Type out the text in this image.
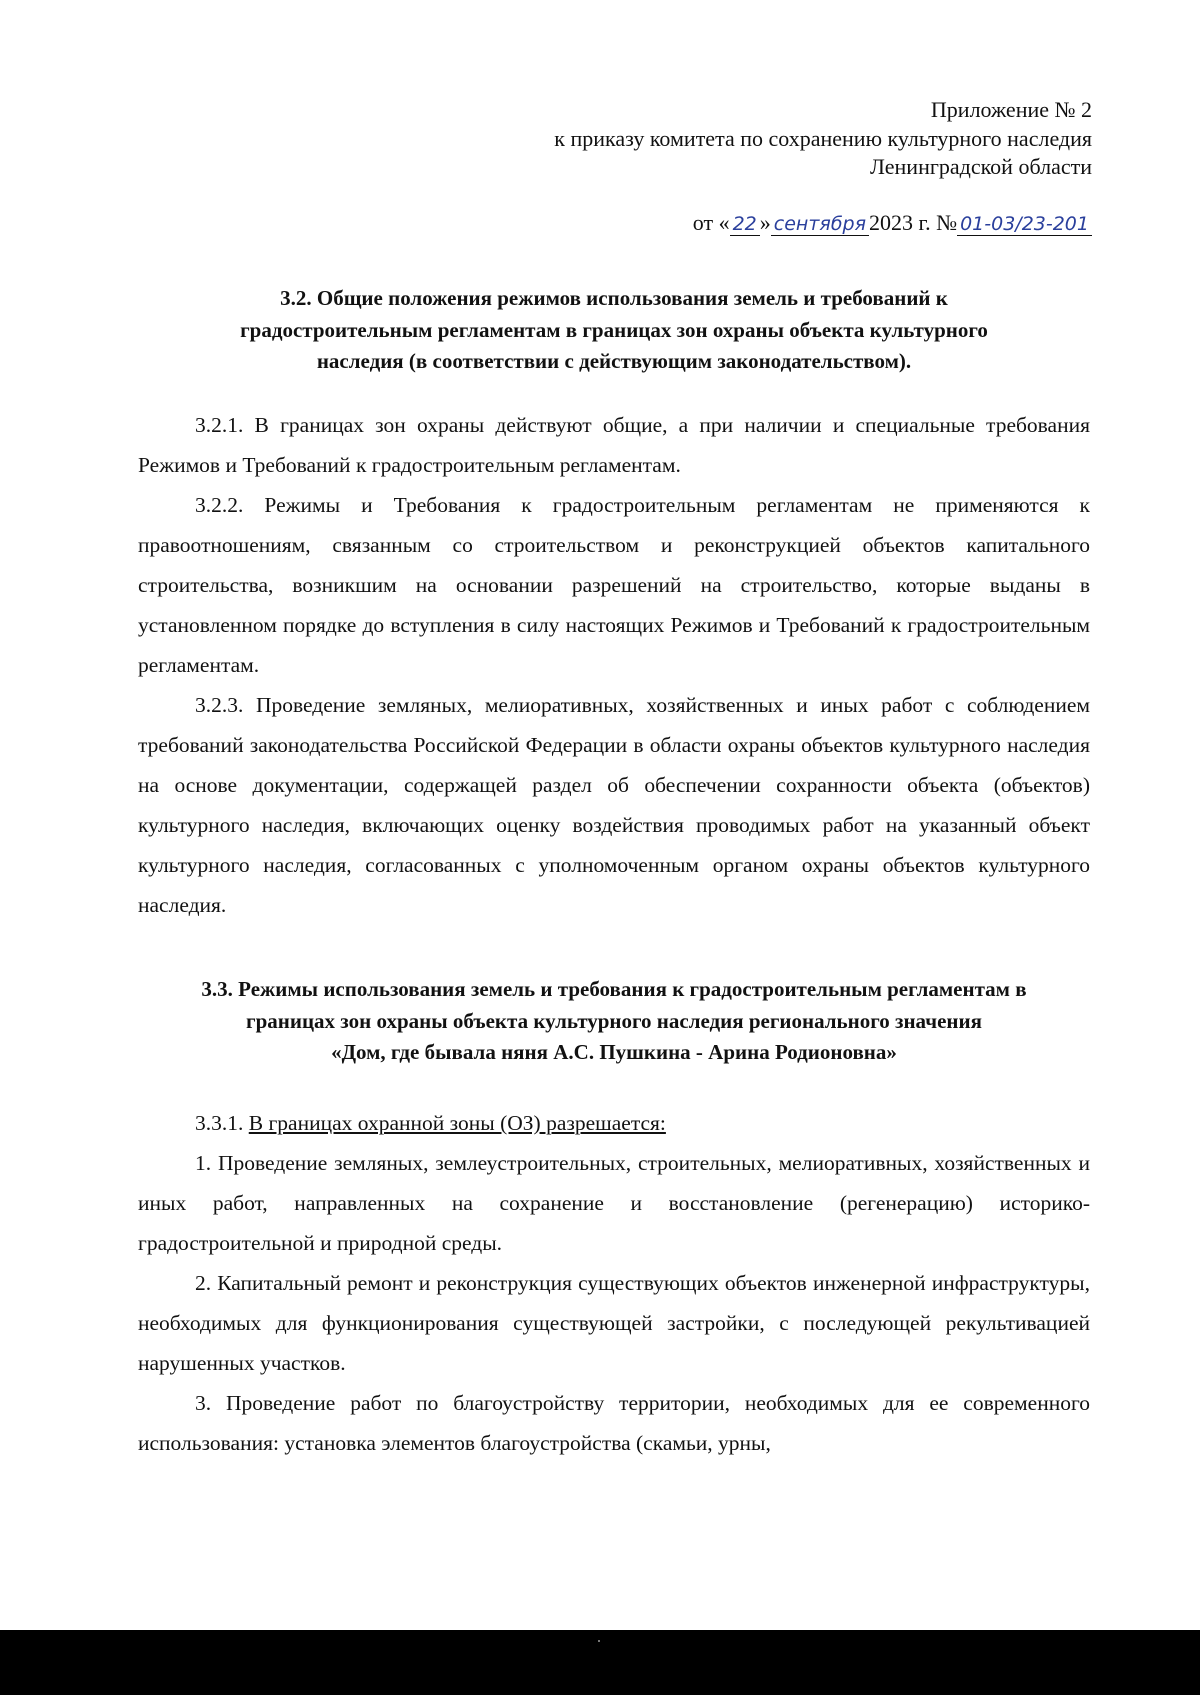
Приложение № 2
к приказу комитета по сохранению культурного наследия
Ленинградской области
от « 22 » сентября 2023 г. № 01-03/23-201

3.2. Общие положения режимов использования земель и требований к градостроительным регламентам в границах зон охраны объекта культурного наследия (в соответствии с действующим законодательством).

3.2.1. В границах зон охраны действуют общие, а при наличии и специальные требования Режимов и Требований к градостроительным регламентам.

3.2.2. Режимы и Требования к градостроительным регламентам не применяются к правоотношениям, связанным со строительством и реконструкцией объектов капитального строительства, возникшим на основании разрешений на строительство, которые выданы в установленном порядке до вступления в силу настоящих Режимов и Требований к градостроительным регламентам.

3.2.3. Проведение земляных, мелиоративных, хозяйственных и иных работ с соблюдением требований законодательства Российской Федерации в области охраны объектов культурного наследия на основе документации, содержащей раздел об обеспечении сохранности объекта (объектов) культурного наследия, включающих оценку воздействия проводимых работ на указанный объект культурного наследия, согласованных с уполномоченным органом охраны объектов культурного наследия.

3.3. Режимы использования земель и требования к градостроительным регламентам в

границах зон охраны объекта культурного наследия регионального значения

«Дом, где бывала няня А.С. Пушкина - Арина Родионовна»

3.3.1. В границах охранной зоны (ОЗ) разрешается:

1. Проведение земляных, землеустроительных, строительных, мелиоративных, хозяйственных и иных работ, направленных на сохранение и восстановление (регенерацию) историко-градостроительной и природной среды.

2. Капитальный ремонт и реконструкция существующих объектов инженерной инфраструктуры, необходимых для функционирования существующей застройки, с последующей рекультивацией нарушенных участков.

3. Проведение работ по благоустройству территории, необходимых для ее современного использования: установка элементов благоустройства (скамьи, урны,
